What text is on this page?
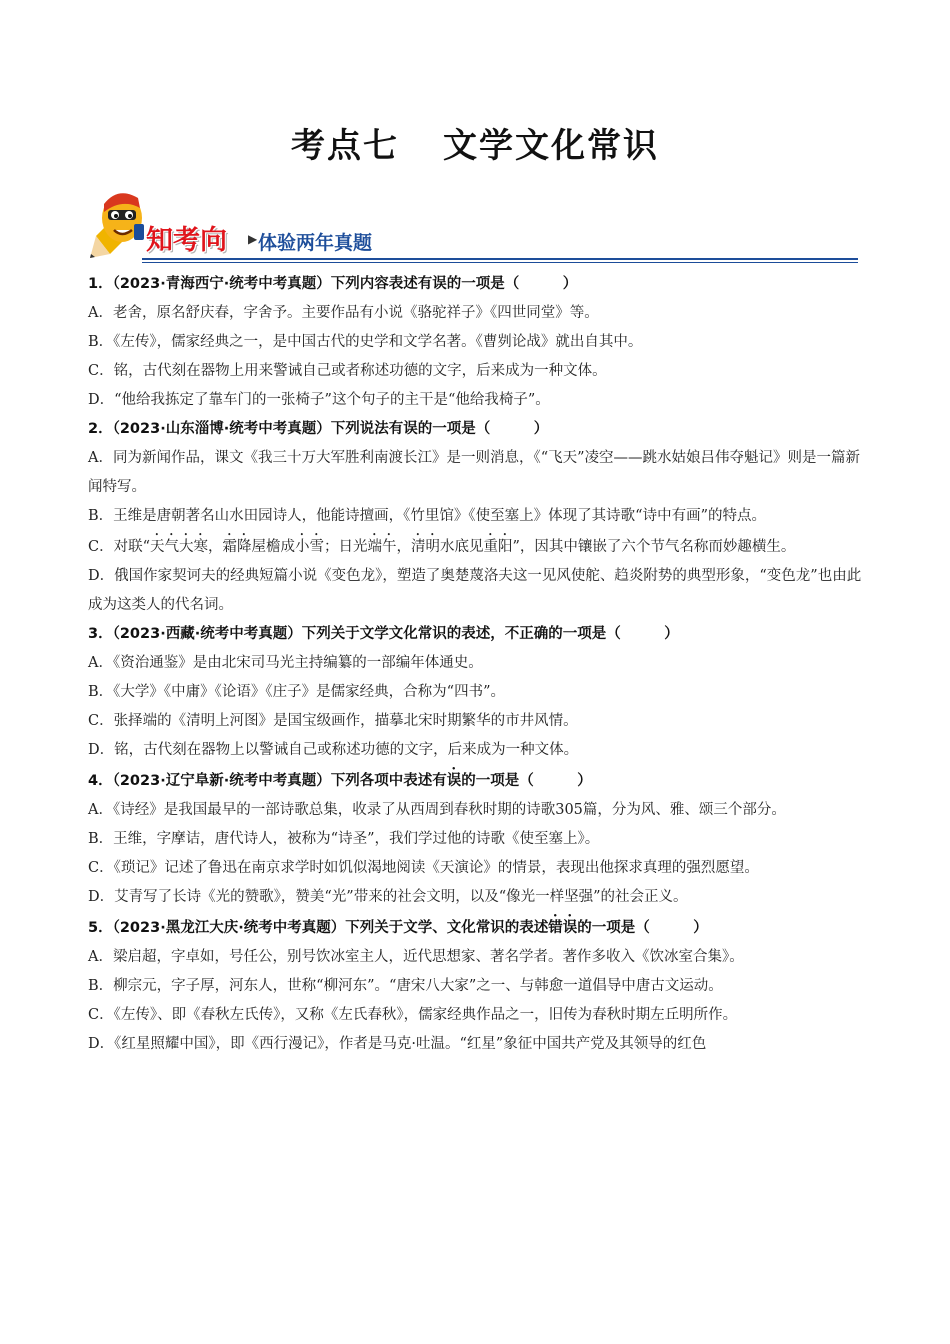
考点七 文学文化常识
知考向 ▶ 体验两年真题
1．（2023·青海西宁·统考中考真题）下列内容表述有误的一项是（　　　）
A．老舍，原名舒庆春，字舍予。主要作品有小说《骆驼祥子》《四世同堂》等。
B．《左传》，儒家经典之一，是中国古代的史学和文学名著。《曹刿论战》就出自其中。
C．铭，古代刻在器物上用来警诫自己或者称述功德的文字，后来成为一种文体。
D．“他给我拣定了靠车门的一张椅子”这个句子的主干是“他给我椅子”。
2．（2023·山东淄博·统考中考真题）下列说法有误的一项是（　　　）
A．同为新闻作品，课文《我三十万大军胜利南渡长江》是一则消息，《“飞天”凌空——跳水姑娘吕伟夺魁记》则是一篇新闻特写。
B．王维是唐朝著名山水田园诗人，他能诗擅画，《竹里馆》《使至塞上》体现了其诗歌“诗中有画”的特点。
C．对联“天气大寒，霜降屋檐成小雪；日光端午，清明水底见重阳”，因其中镶嵌了六个节气名称而妙趣横生。
D．俄国作家契诃夫的经典短篇小说《变色龙》，塑造了奥楚蔑洛夫这一见风使舵、趋炎附势的典型形象，“变色龙”也由此成为这类人的代名词。
3．（2023·西藏·统考中考真题）下列关于文学文化常识的表述，不正确的一项是（　　　）
A．《资治通鉴》是由北宋司马光主持编纂的一部编年体通史。
B．《大学》《中庸》《论语》《庄子》是儒家经典，合称为“四书”。
C．张择端的《清明上河图》是国宝级画作，描摹北宋时期繁华的市井风情。
D．铭，古代刻在器物上以警诫自己或称述功德的文字，后来成为一种文体。
4．（2023·辽宁阜新·统考中考真题）下列各项中表述有误的一项是（　　　）
A．《诗经》是我国最早的一部诗歌总集，收录了从西周到春秋时期的诗歌305篇，分为风、雅、颂三个部分。
B．王维，字摩诘，唐代诗人，被称为“诗圣”，我们学过他的诗歌《使至塞上》。
C．《琐记》记述了鲁迅在南京求学时如饥似渴地阅读《天演论》的情景，表现出他探求真理的强烈愿望。
D．艾青写了长诗《光的赞歌》，赞美“光”带来的社会文明，以及“像光一样坚强”的社会正义。
5．（2023·黑龙江大庆·统考中考真题）下列关于文学、文化常识的表述错误的一项是（　　　）
A．梁启超，字卓如，号任公，别号饮冰室主人，近代思想家、著名学者。著作多收入《饮冰室合集》。
B．柳宗元，字子厚，河东人，世称“柳河东”。“唐宋八大家”之一、与韩愈一道倡导中唐古文运动。
C．《左传》、即《春秋左氏传》，又称《左氏春秋》，儒家经典作品之一，旧传为春秋时期左丘明所作。
D．《红星照耀中国》，即《西行漫记》，作者是马克·吐温。“红星”象征中国共产党及其领导的红色
